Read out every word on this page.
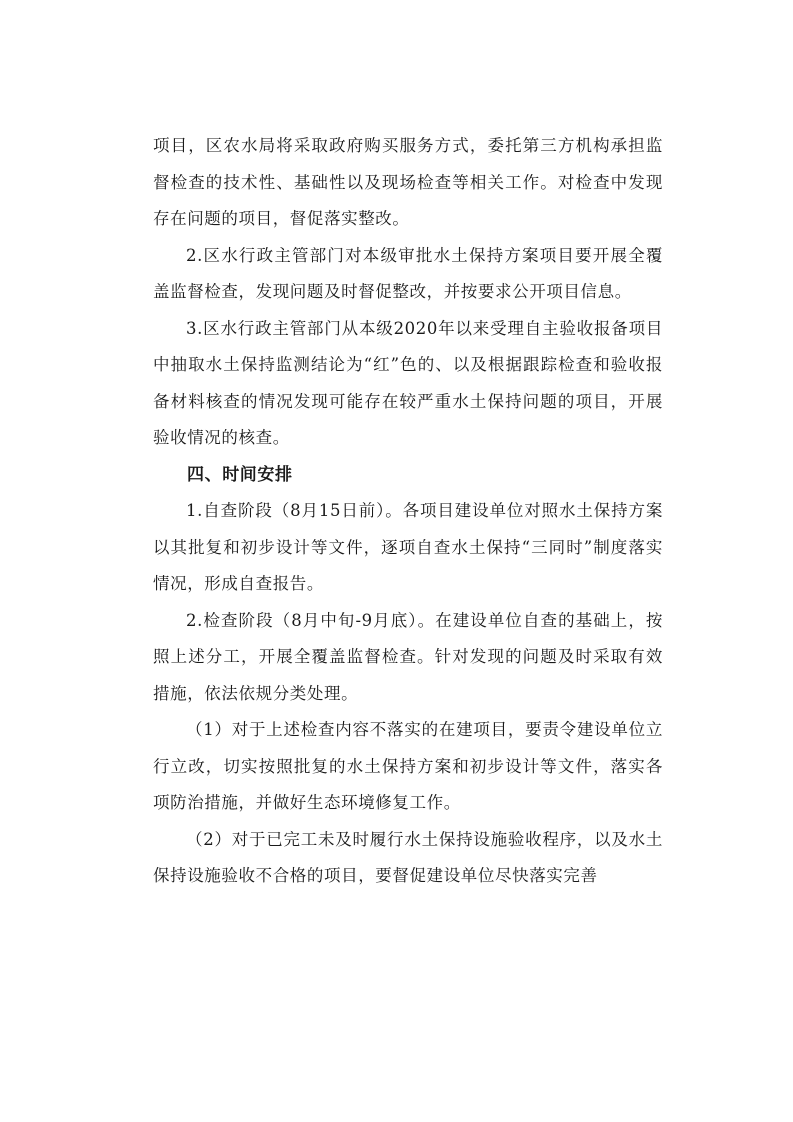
项目，区农水局将采取政府购买服务方式，委托第三方机构承担监督检查的技术性、基础性以及现场检查等相关工作。对检查中发现存在问题的项目，督促落实整改。

2.区水行政主管部门对本级审批水土保持方案项目要开展全覆盖监督检查，发现问题及时督促整改，并按要求公开项目信息。

3.区水行政主管部门从本级2020年以来受理自主验收报备项目中抽取水土保持监测结论为“红”色的、以及根据跟踪检查和验收报备材料核查的情况发现可能存在较严重水土保持问题的项目，开展验收情况的核查。

四、时间安排

1.自查阶段（8月15日前）。各项目建设单位对照水土保持方案以其批复和初步设计等文件，逐项自查水土保持“三同时”制度落实情况，形成自查报告。

2.检查阶段（8月中旬-9月底）。在建设单位自查的基础上，按照上述分工，开展全覆盖监督检查。针对发现的问题及时采取有效措施，依法依规分类处理。

（1）对于上述检查内容不落实的在建项目，要责令建设单位立行立改，切实按照批复的水土保持方案和初步设计等文件，落实各项防治措施，并做好生态环境修复工作。

（2）对于已完工未及时履行水土保持设施验收程序，以及水土保持设施验收不合格的项目，要督促建设单位尽快落实完善
